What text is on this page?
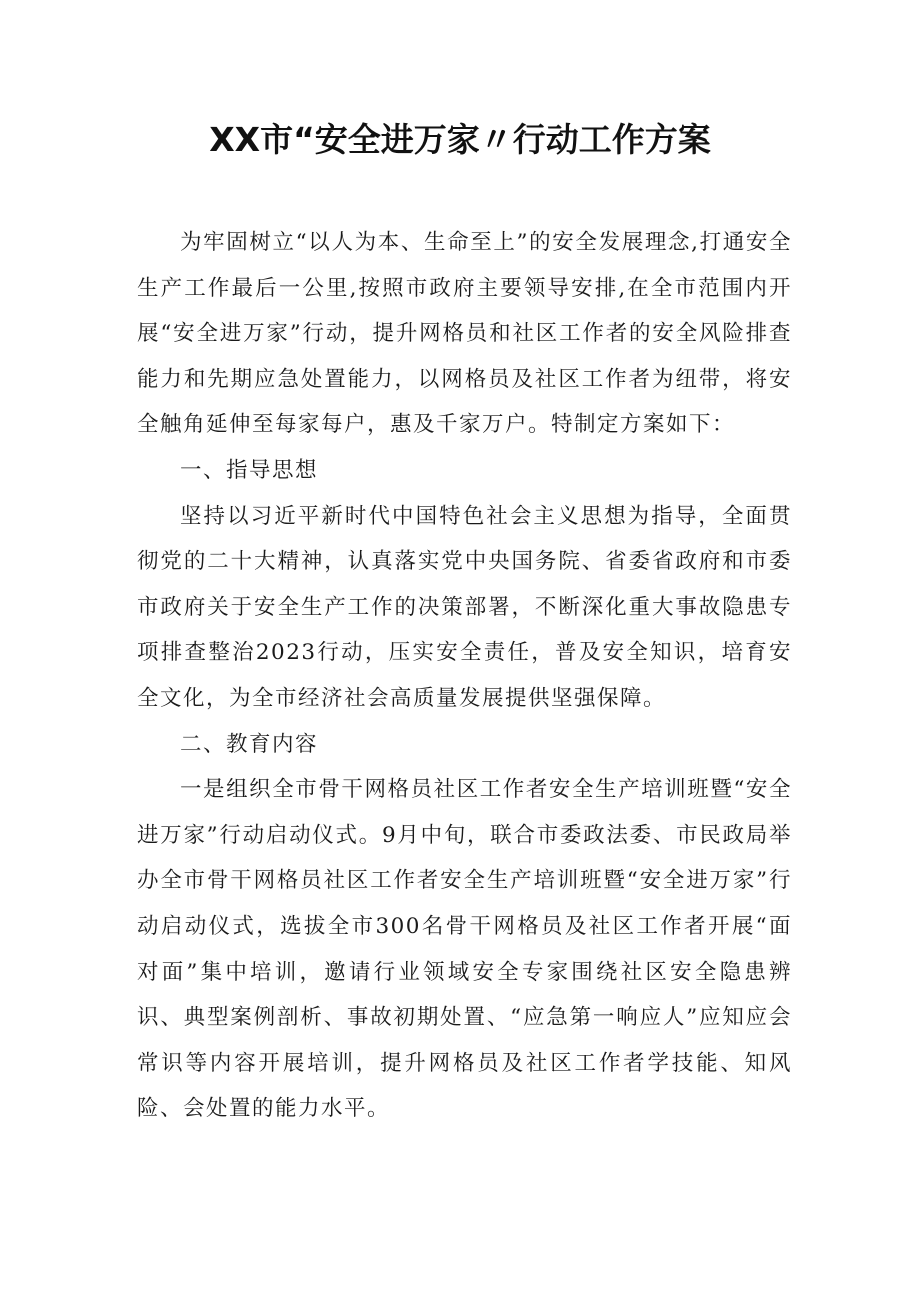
XX市“安全进万家〃行动工作方案

为牢固树立“以人为本、生命至上”的安全发展理念,打通安全生产工作最后一公里,按照市政府主要领导安排,在全市范围内开展“安全进万家”行动，提升网格员和社区工作者的安全风险排查能力和先期应急处置能力，以网格员及社区工作者为纽带，将安全触角延伸至每家每户，惠及千家万户。特制定方案如下：

一、指导思想

坚持以习近平新时代中国特色社会主义思想为指导，全面贯彻党的二十大精神，认真落实党中央国务院、省委省政府和市委市政府关于安全生产工作的决策部署，不断深化重大事故隐患专项排查整治2023行动，压实安全责任，普及安全知识，培育安全文化，为全市经济社会高质量发展提供坚强保障。

二、教育内容

一是组织全市骨干网格员社区工作者安全生产培训班暨“安全进万家”行动启动仪式。9月中旬，联合市委政法委、市民政局举办全市骨干网格员社区工作者安全生产培训班暨“安全进万家”行动启动仪式，选拔全市300名骨干网格员及社区工作者开展“面对面”集中培训，邀请行业领域安全专家围绕社区安全隐患辨识、典型案例剖析、事故初期处置、“应急第一响应人”应知应会常识等内容开展培训，提升网格员及社区工作者学技能、知风险、会处置的能力水平。
